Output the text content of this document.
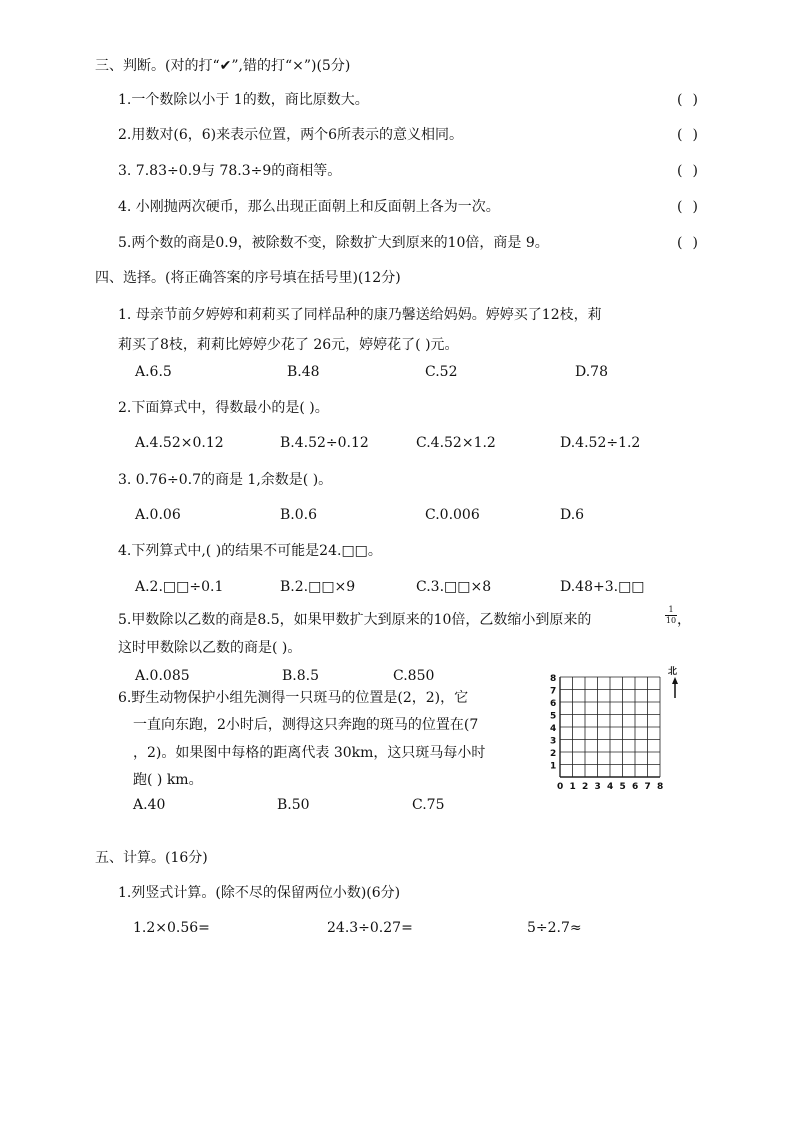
三、判断。(对的打“✔”,错的打“×”)(5分)
1.一个数除以小于 1的数，商比原数大。	()
2.用数对(6，6)来表示位置，两个6所表示的意义相同。	()
3. 7.83÷0.9与 78.3÷9的商相等。	()
4. 小刚抛两次硬币，那么出现正面朝上和反面朝上各为一次。	()
5.两个数的商是0.9，被除数不变，除数扩大到原来的10倍，商是 9。	()
四、选择。(将正确答案的序号填在括号里)(12分)
1. 母亲节前夕婷婷和莉莉买了同样品种的康乃馨送给妈妈。婷婷买了12枝，莉
莉买了8枝，莉莉比婷婷少花了 26元，婷婷花了( )元。
A.6.5	B.48	C.52	D.78
2.下面算式中，得数最小的是( )。
A.4.52×0.12	B.4.52÷0.12	C.4.52×1.2	D.4.52÷1.2
3. 0.76÷0.7的商是 1,余数是( )。
A.0.06	B.0.6	C.0.006	D.6
4.下列算式中,( )的结果不可能是24.□□。
A.2.□□÷0.1	B.2.□□×9	C.3.□□×8	D.48+3.□□
5.甲数除以乙数的商是8.5，如果甲数扩大到原来的10倍，乙数缩小到原来的
1
10 ，
这时甲数除以乙数的商是( )。
A.0.085	B.8.5	C.850
6.野生动物保护小组先测得一只斑马的位置是(2，2)，它
一直向东跑，2小时后，测得这只奔跑的斑马的位置在(7
，2)。如果图中每格的距离代表 30km，这只斑马每小时
跑( ) km。
A.40	B.50	C.75
0 1 2 3 4 5 6 7 8
1
2
3
4
5
6
7
8
北
五、计算。(16分)
1.列竖式计算。(除不尽的保留两位小数)(6分)
1.2×0.56=	24.3÷0.27=	5÷2.7≈
